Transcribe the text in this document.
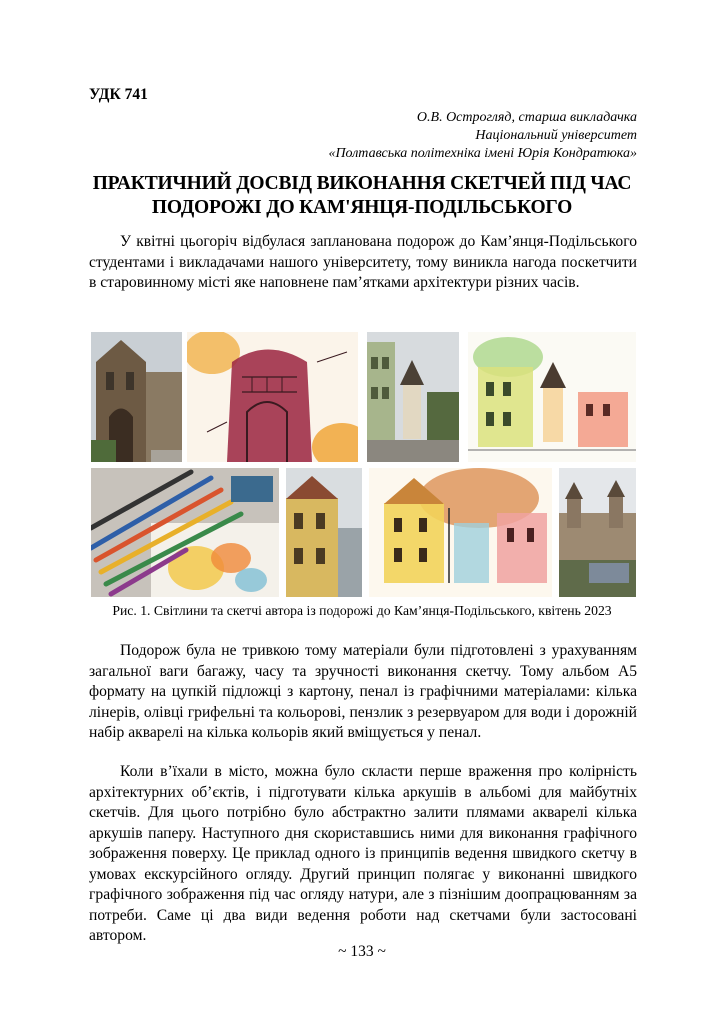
УДК 741
О.В. Острогляд, старша викладачка
Національний університет
«Полтавська політехніка імені Юрія Кондратюка»
ПРАКТИЧНИЙ ДОСВІД ВИКОНАННЯ СКЕТЧЕЙ ПІД ЧАС
ПОДОРОЖІ ДО КАМ'ЯНЦЯ-ПОДІЛЬСЬКОГО
У квітні цьогоріч відбулася запланована подорож до Кам’янця-Подільського студентами і викладачами нашого університету, тому виникла нагода поскетчити в старовинному місті яке наповнене пам’ятками архітектури різних часів.
Рис. 1. Світлини та скетчі автора із подорожі до Кам’янця-Подільського, квітень 2023
Подорож була не тривкою тому матеріали були підготовлені з урахуванням загальної ваги багажу, часу та зручності виконання скетчу. Тому альбом А5 формату на цупкій підложці з картону, пенал із графічними матеріалами: кілька лінерів, олівці грифельні та кольорові, пензлик з резервуаром для води і дорожній набір акварелі на кілька кольорів який вміщується у пенал.
Коли в’їхали в місто, можна було скласти перше враження про колірність архітектурних об’єктів, і підготувати кілька аркушів в альбомі для майбутніх скетчів. Для цього потрібно було абстрактно залити плямами акварелі кілька аркушів паперу. Наступного дня скориставшись ними для виконання графічного зображення поверху. Це приклад одного із принципів ведення швидкого скетчу в умовах екскурсійного огляду. Другий принцип полягає у виконанні швидкого графічного зображення під час огляду натури, але з пізнішим доопрацюванням за потреби. Саме ці два види ведення роботи над скетчами були застосовані автором.
~ 133 ~
